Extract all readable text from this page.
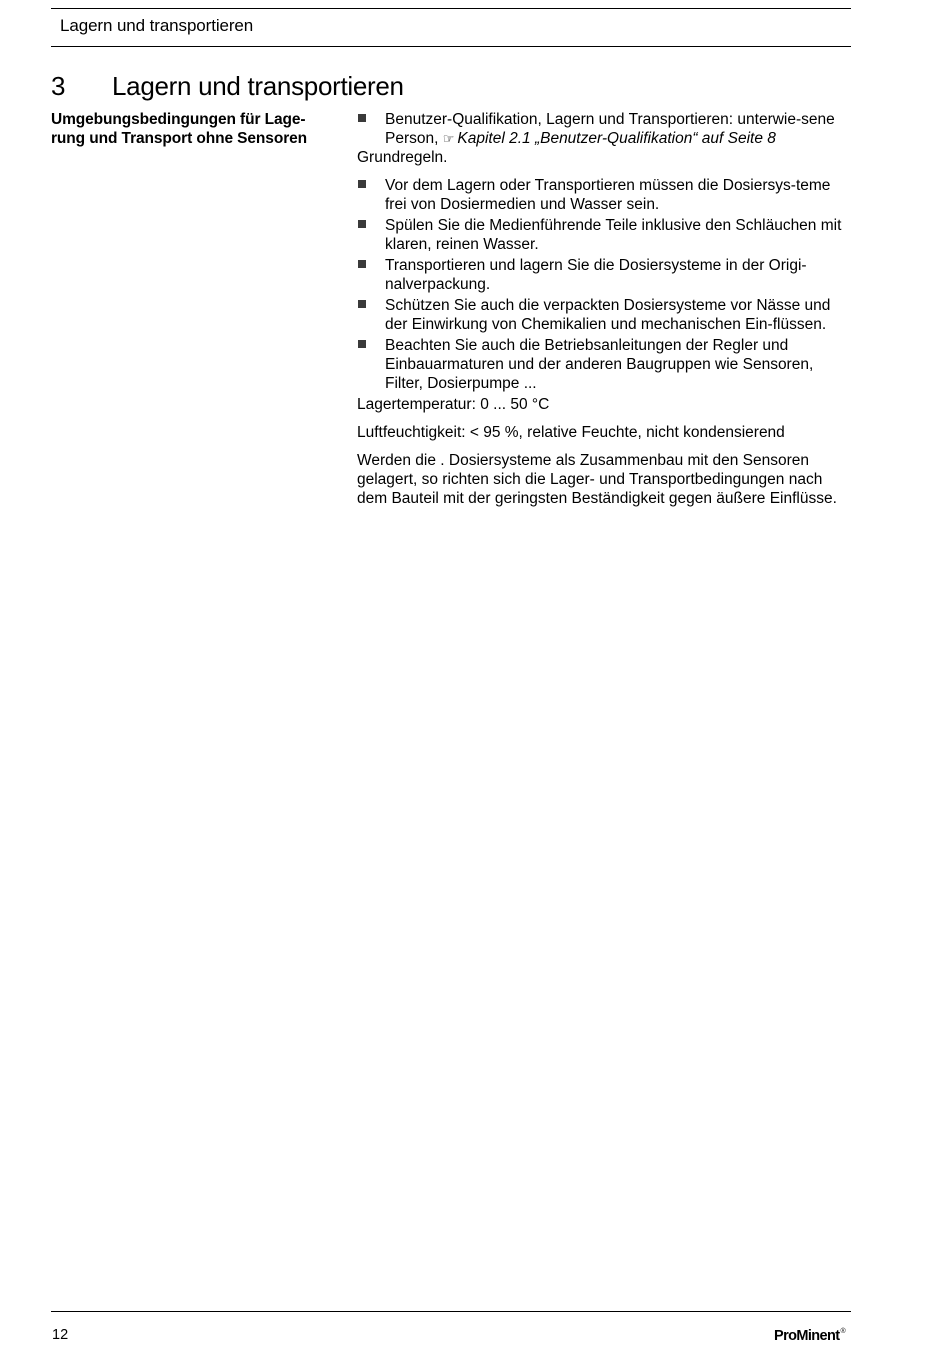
Lagern und transportieren
3 Lagern und transportieren
Umgebungsbedingungen für Lage-
rung und Transport ohne Sensoren
Benutzer-Qualifikation, Lagern und Transportieren: unterwie-sene Person, ☞ Kapitel 2.1 „Benutzer-Qualifikation“ auf Seite 8

Grundregeln.

Vor dem Lagern oder Transportieren müssen die Dosiersys-teme frei von Dosiermedien und Wasser sein.
Spülen Sie die Medienführende Teile inklusive den Schläuchen mit klaren, reinen Wasser.
Transportieren und lagern Sie die Dosiersysteme in der Origi-nalverpackung.
Schützen Sie auch die verpackten Dosiersysteme vor Nässe und der Einwirkung von Chemikalien und mechanischen Ein-flüssen.
Beachten Sie auch die Betriebsanleitungen der Regler und Einbauarmaturen und der anderen Baugruppen wie Sensoren, Filter, Dosierpumpe ...

Lagertemperatur: 0 ... 50 °C

Luftfeuchtigkeit: < 95 %, relative Feuchte, nicht kondensierend

Werden die . Dosiersysteme als Zusammenbau mit den Sensoren gelagert, so richten sich die Lager- und Transportbedingungen nach dem Bauteil mit der geringsten Beständigkeit gegen äußere Einflüsse.

12	ProMinent®
